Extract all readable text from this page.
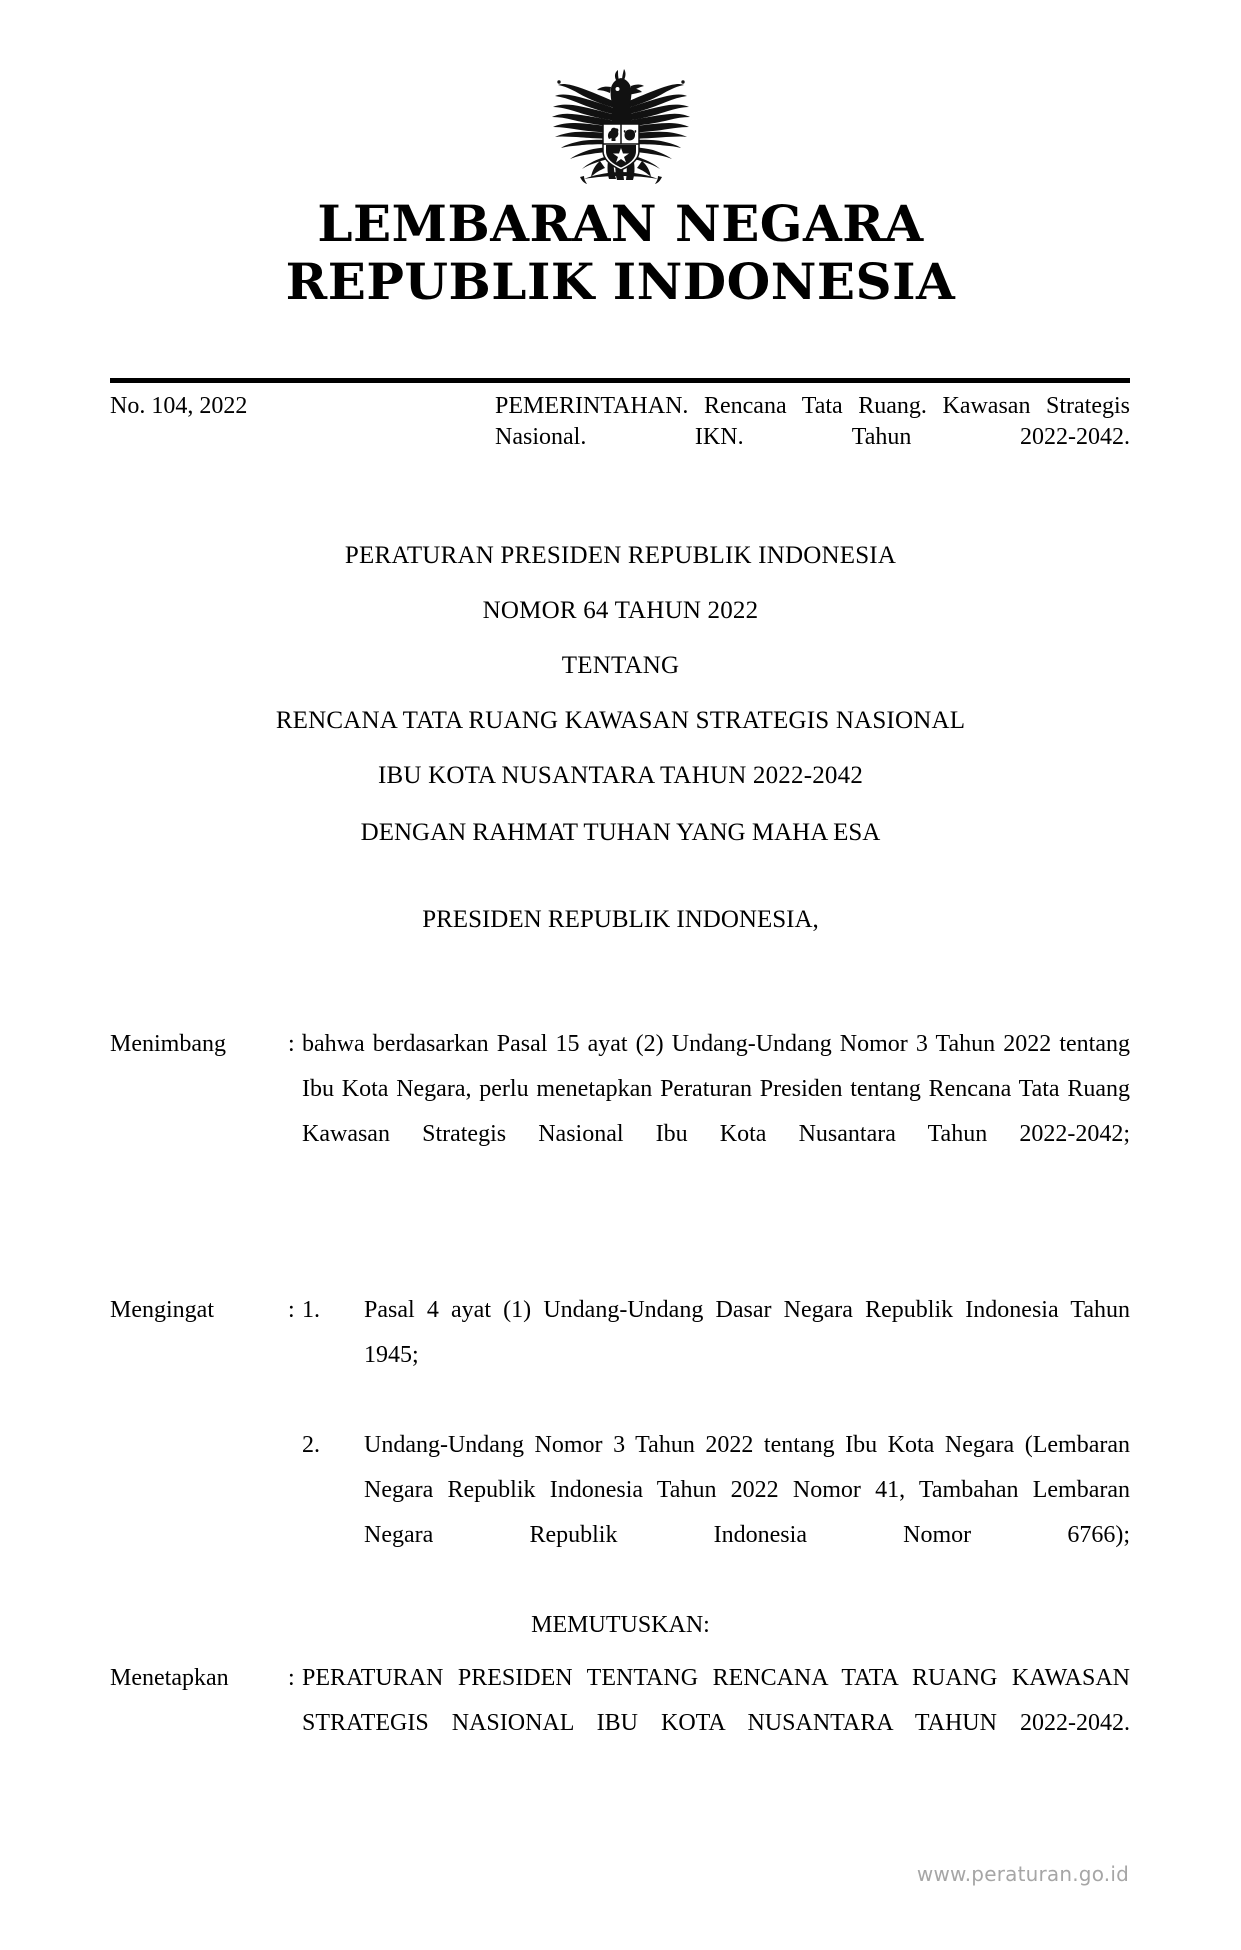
LEMBARAN NEGARA
REPUBLIK INDONESIA
No. 104, 2022	PEMERINTAHAN. Rencana Tata Ruang. Kawasan Strategis Nasional. IKN. Tahun 2022-2042.
PERATURAN PRESIDEN REPUBLIK INDONESIA
NOMOR 64 TAHUN 2022
TENTANG
RENCANA TATA RUANG KAWASAN STRATEGIS NASIONAL
IBU KOTA NUSANTARA TAHUN 2022-2042
DENGAN RAHMAT TUHAN YANG MAHA ESA
PRESIDEN REPUBLIK INDONESIA,
Menimbang	: bahwa berdasarkan Pasal 15 ayat (2) Undang-Undang Nomor 3 Tahun 2022 tentang Ibu Kota Negara, perlu menetapkan Peraturan Presiden tentang Rencana Tata Ruang Kawasan Strategis Nasional Ibu Kota Nusantara Tahun 2022-2042;
Mengingat	: 1.	Pasal 4 ayat (1) Undang-Undang Dasar Negara Republik Indonesia Tahun 1945;
2.	Undang-Undang Nomor 3 Tahun 2022 tentang Ibu Kota Negara (Lembaran Negara Republik Indonesia Tahun 2022 Nomor 41, Tambahan Lembaran Negara Republik Indonesia Nomor 6766);
MEMUTUSKAN:
Menetapkan	: PERATURAN PRESIDEN TENTANG RENCANA TATA RUANG KAWASAN STRATEGIS NASIONAL IBU KOTA NUSANTARA TAHUN 2022-2042.
www.peraturan.go.id
